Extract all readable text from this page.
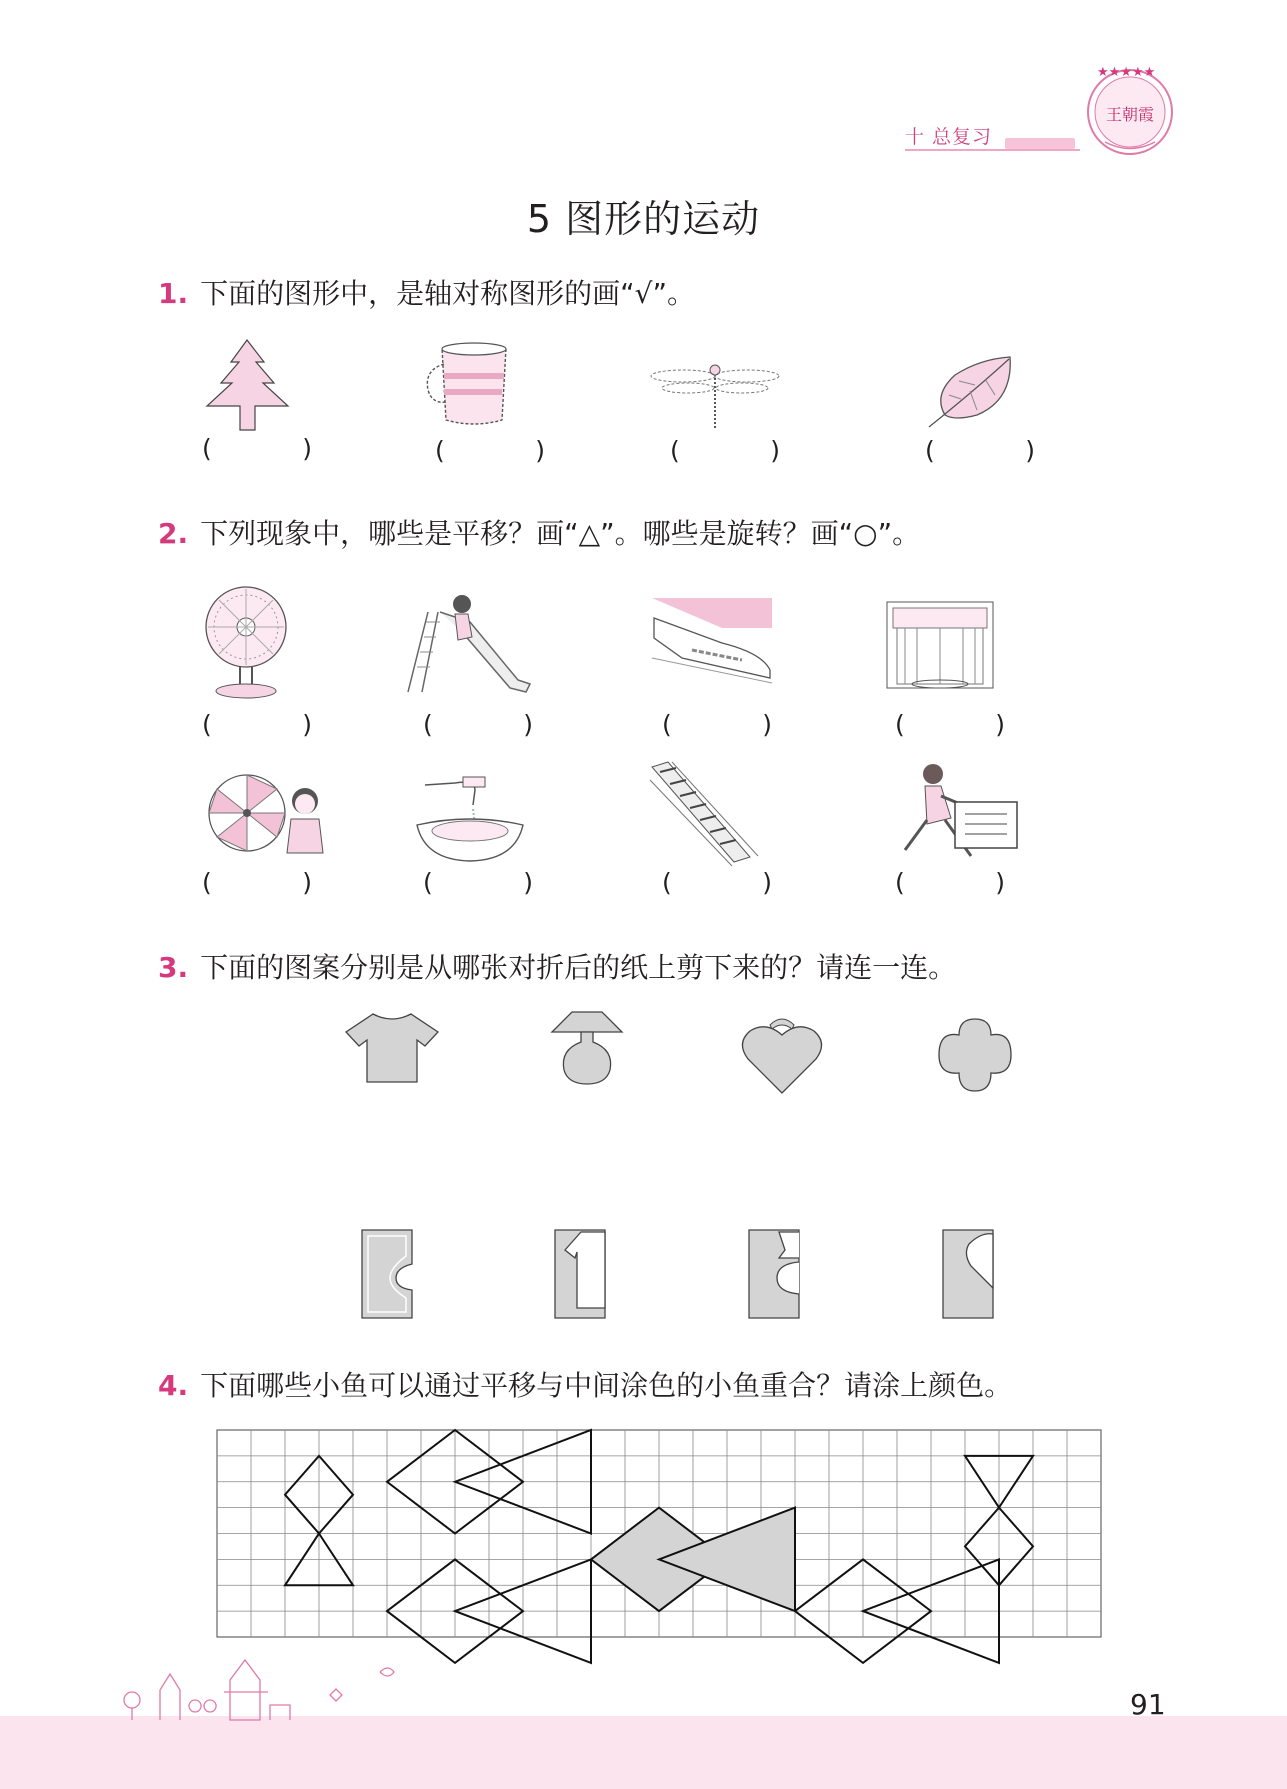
十 总复习
★★★★★
王朝霞
5 图形的运动
1. 下面的图形中，是轴对称图形的画“√”。
(	)	(	)	(	)	(	)
2. 下列现象中，哪些是平移？画“△”。哪些是旋转？画“○”。
(	)	(	)	(	)	(	)
(	)	(	)	(	)	(	)
3. 下面的图案分别是从哪张对折后的纸上剪下来的？请连一连。
4. 下面哪些小鱼可以通过平移与中间涂色的小鱼重合？请涂上颜色。
91
